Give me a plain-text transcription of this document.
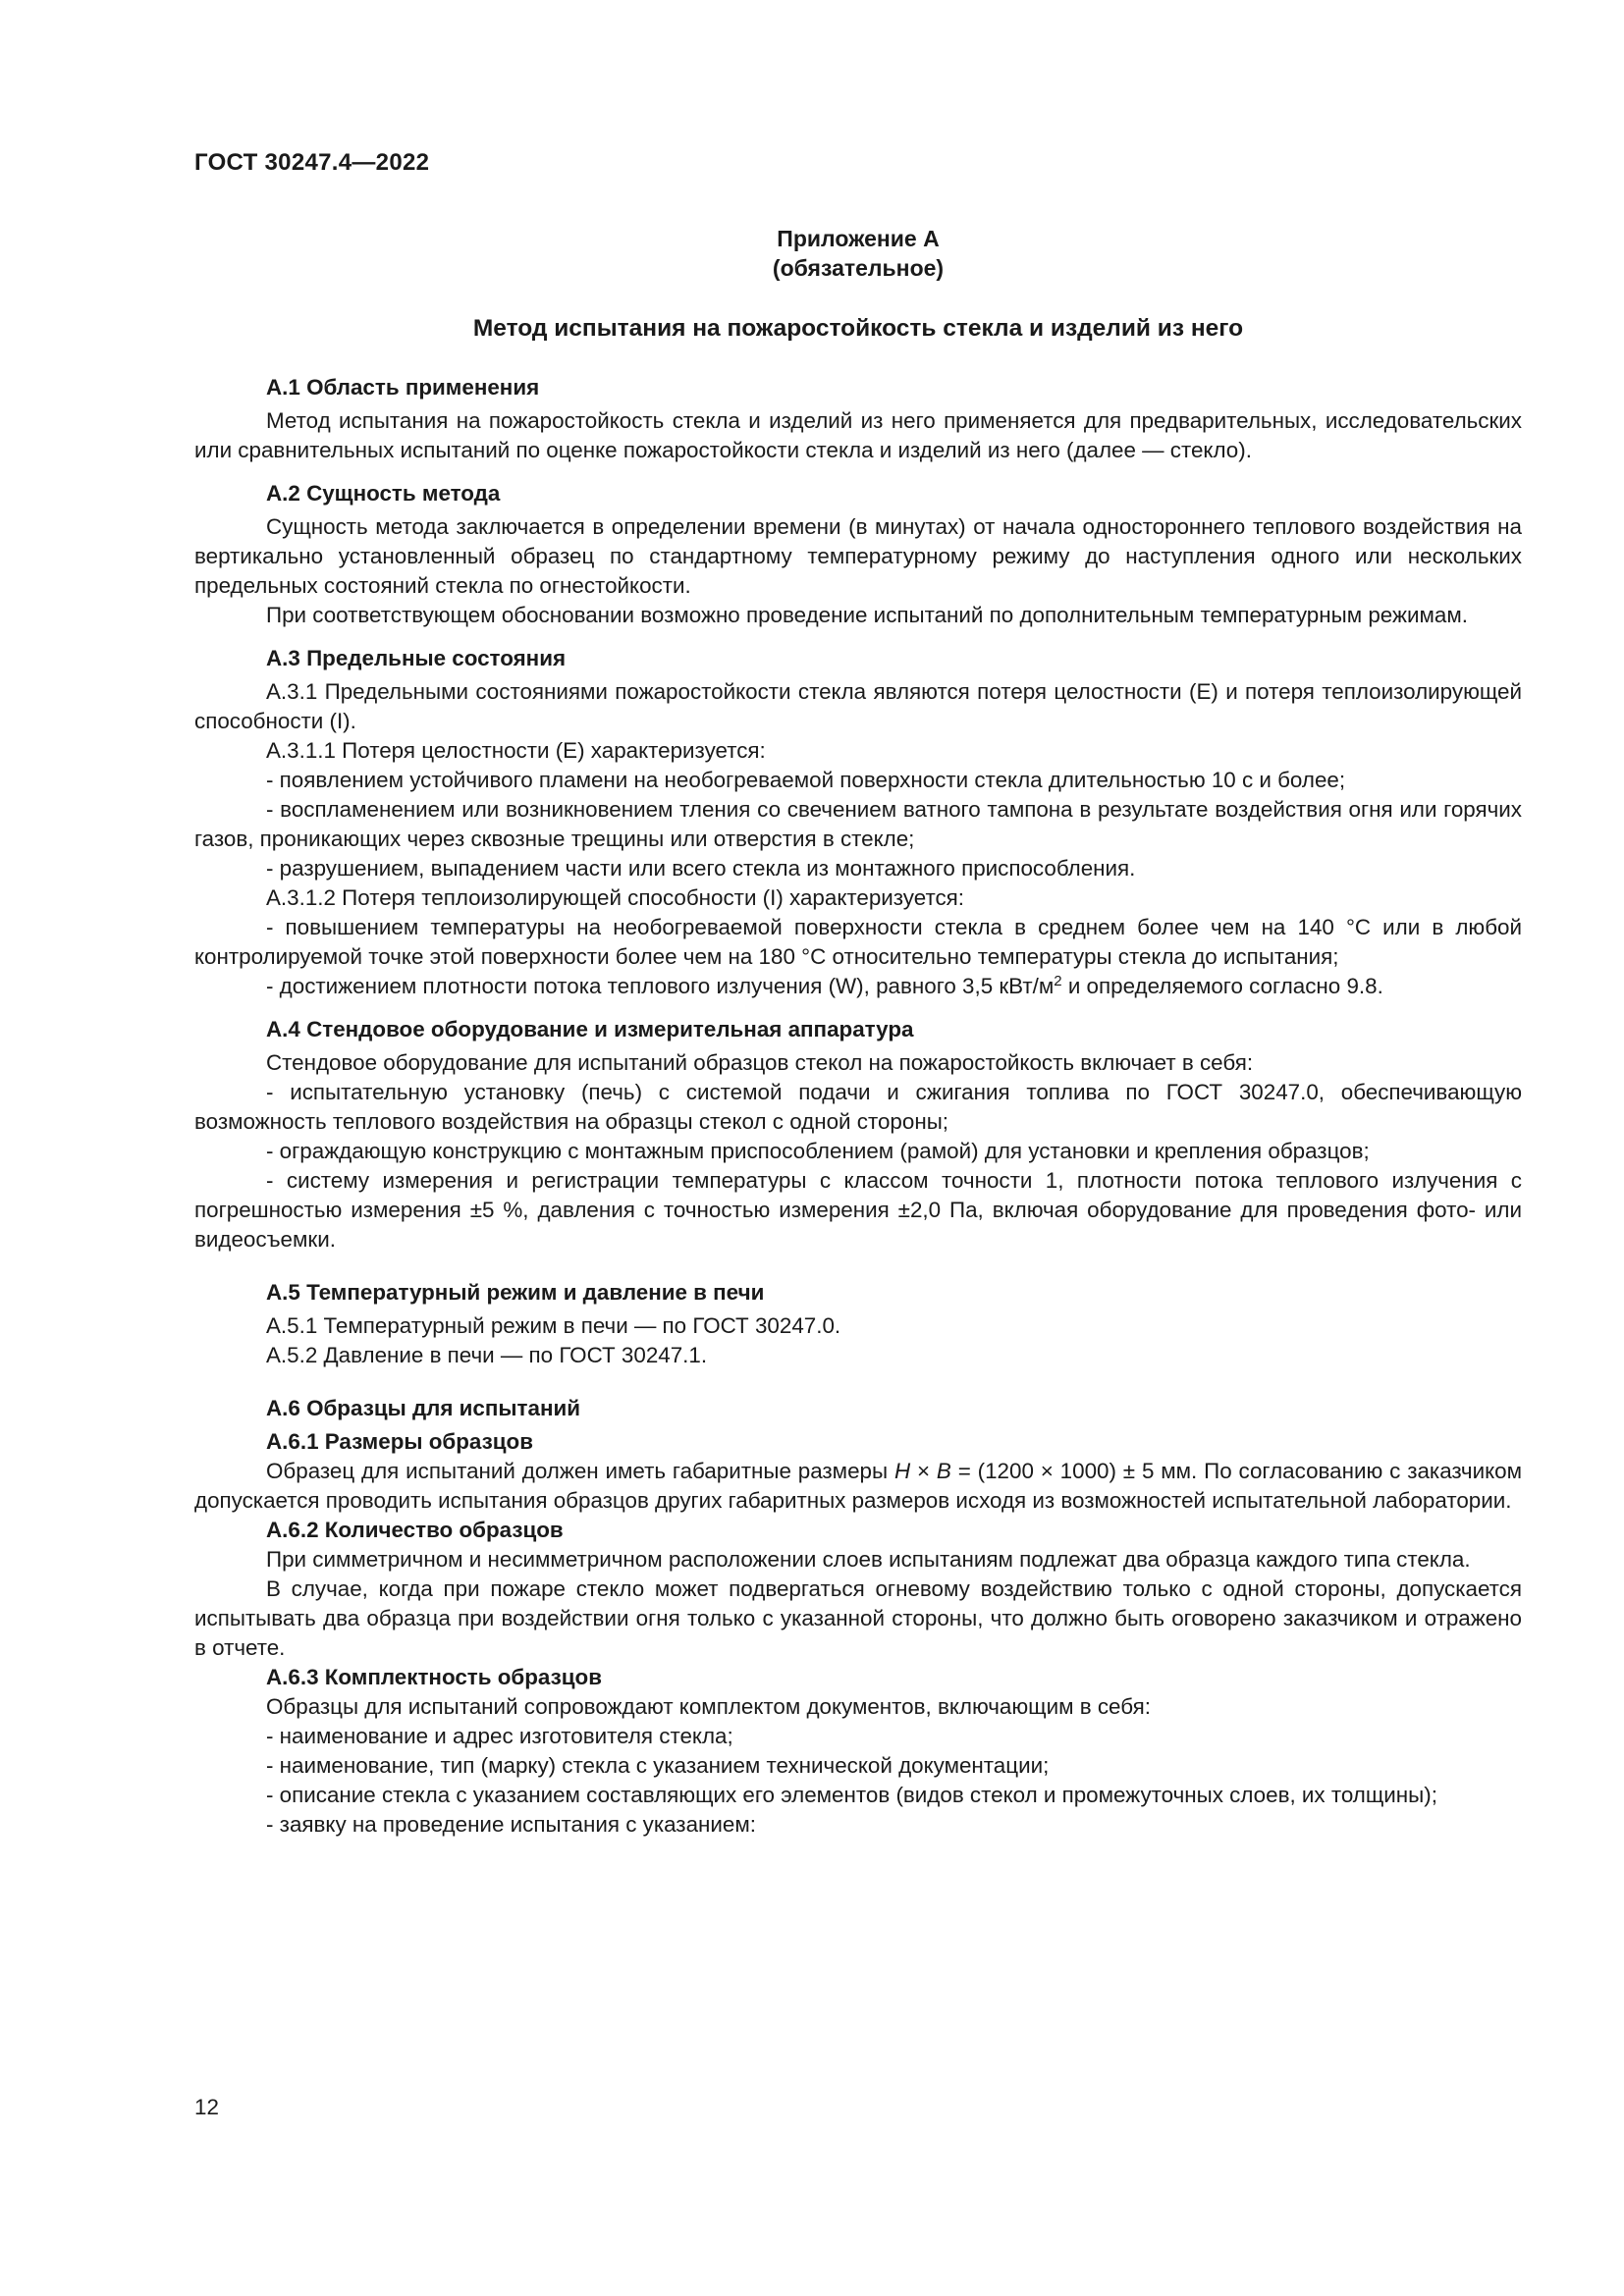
ГОСТ 30247.4—2022
Приложение А
(обязательное)
Метод испытания на пожаростойкость стекла и изделий из него
А.1 Область применения

Метод испытания на пожаростойкость стекла и изделий из него применяется для предварительных, исследовательских или сравнительных испытаний по оценке пожаростойкости стекла и изделий из него (далее — стекло).

А.2 Сущность метода

Сущность метода заключается в определении времени (в минутах) от начала одностороннего теплового воздействия на вертикально установленный образец по стандартному температурному режиму до наступления одного или нескольких предельных состояний стекла по огнестойкости.

При соответствующем обосновании возможно проведение испытаний по дополнительным температурным режимам.

А.3 Предельные состояния

А.3.1 Предельными состояниями пожаростойкости стекла являются потеря целостности (Е) и потеря теплоизолирующей способности (I).

А.3.1.1 Потеря целостности (Е) характеризуется:

- появлением устойчивого пламени на необогреваемой поверхности стекла длительностью 10 с и более;

- воспламенением или возникновением тления со свечением ватного тампона в результате воздействия огня или горячих газов, проникающих через сквозные трещины или отверстия в стекле;

- разрушением, выпадением части или всего стекла из монтажного приспособления.

А.3.1.2 Потеря теплоизолирующей способности (I) характеризуется:

- повышением температуры на необогреваемой поверхности стекла в среднем более чем на 140 °С или в любой контролируемой точке этой поверхности более чем на 180 °С относительно температуры стекла до испытания;

- достижением плотности потока теплового излучения (W), равного 3,5 кВт/$м^2$ и определяемого согласно 9.8.

А.4 Стендовое оборудование и измерительная аппаратура

Стендовое оборудование для испытаний образцов стекол на пожаростойкость включает в себя:

- испытательную установку (печь) с системой подачи и сжигания топлива по ГОСТ 30247.0, обеспечивающую возможность теплового воздействия на образцы стекол с одной стороны;

- ограждающую конструкцию с монтажным приспособлением (рамой) для установки и крепления образцов;

- систему измерения и регистрации температуры с классом точности 1, плотности потока теплового излучения с погрешностью измерения ±5 %, давления с точностью измерения ±2,0 Па, включая оборудование для проведения фото- или видеосъемки.

А.5 Температурный режим и давление в печи

А.5.1 Температурный режим в печи — по ГОСТ 30247.0.

А.5.2 Давление в печи — по ГОСТ 30247.1.

А.6 Образцы для испытаний
А.6.1 Размеры образцов

Образец для испытаний должен иметь габаритные размеры Н × В = (1200 × 1000) ± 5 мм. По согласованию с заказчиком допускается проводить испытания образцов других габаритных размеров исходя из возможностей испытательной лаборатории.

А.6.2 Количество образцов

При симметричном и несимметричном расположении слоев испытаниям подлежат два образца каждого типа стекла.

В случае, когда при пожаре стекло может подвергаться огневому воздействию только с одной стороны, допускается испытывать два образца при воздействии огня только с указанной стороны, что должно быть оговорено заказчиком и отражено в отчете.

А.6.3 Комплектность образцов

Образцы для испытаний сопровождают комплектом документов, включающим в себя:

- наименование и адрес изготовителя стекла;

- наименование, тип (марку) стекла с указанием технической документации;

- описание стекла с указанием составляющих его элементов (видов стекол и промежуточных слоев, их толщины);

- заявку на проведение испытания с указанием:

12
